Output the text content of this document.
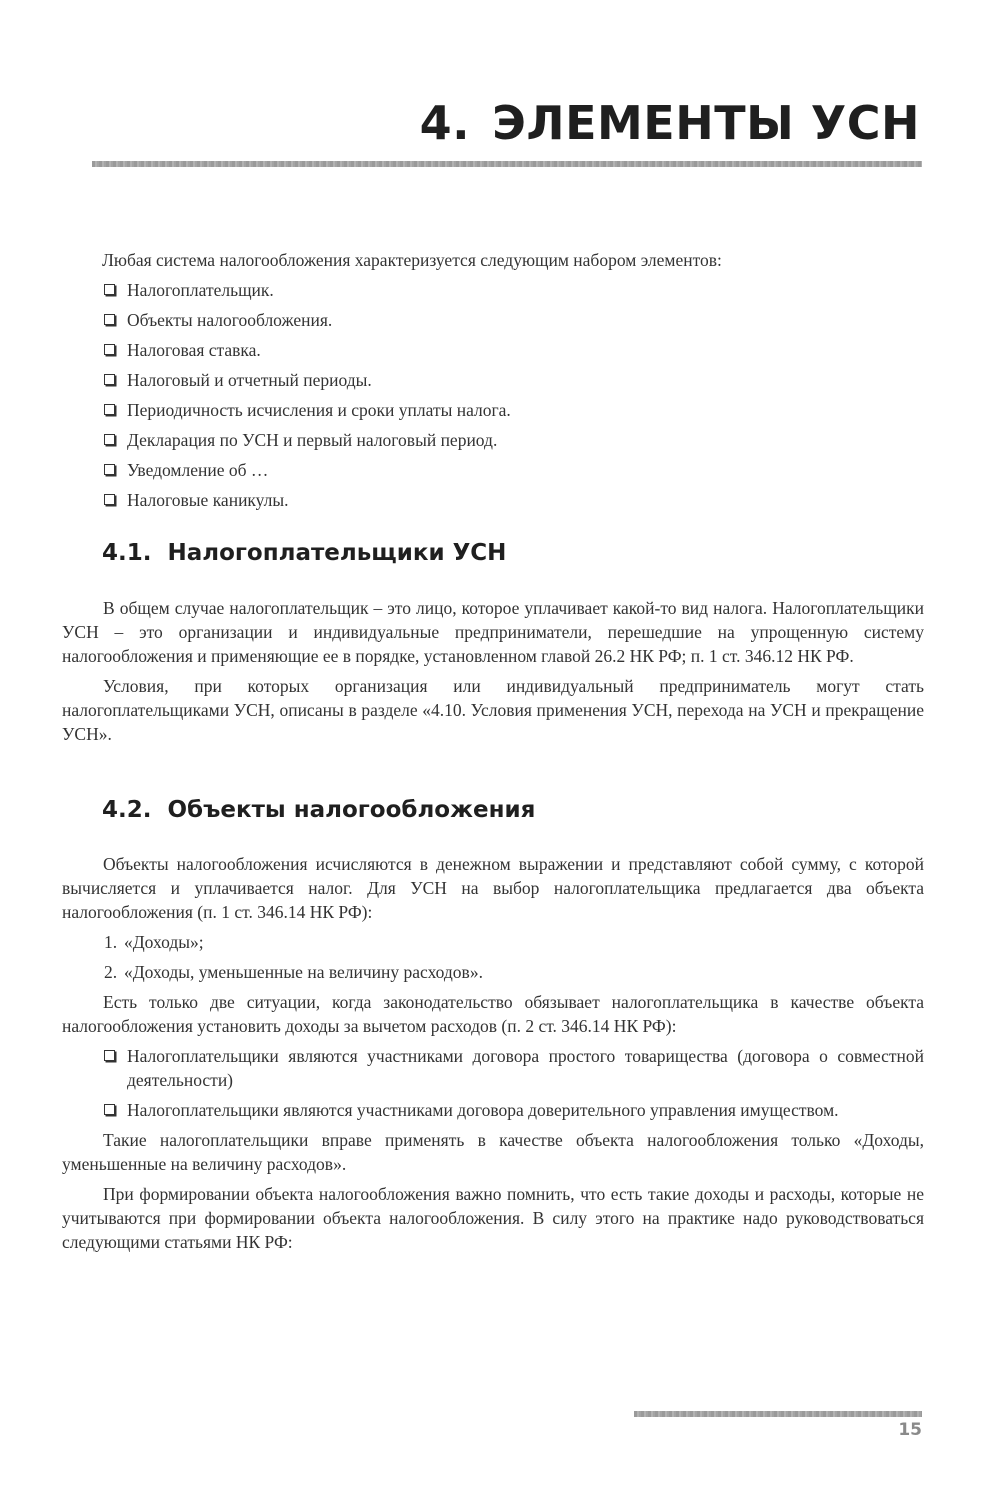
4. ЭЛЕМЕНТЫ УСН

Любая система налогообложения характеризуется следующим набором элементов:

Налогоплательщик.

Объекты налогообложения.

Налоговая ставка.

Налоговый и отчетный периоды.

Периодичность исчисления и сроки уплаты налога.

Декларация по УСН и первый налоговый период.

Уведомление об …

Налоговые каникулы.

4.1. Налогоплательщики УСН

В общем случае налогоплательщик – это лицо, которое уплачивает какой-то вид налога. Налогоплательщики УСН – это организации и индивидуальные предприниматели, перешедшие на упрощенную систему налогообложения и применяющие ее в порядке, установленном главой 26.2 НК РФ; п. 1 ст. 346.12 НК РФ.

Условия, при которых организация или индивидуальный предприниматель могут стать налогоплательщиками УСН, описаны в разделе «4.10. Условия применения УСН, перехода на УСН и прекращение УСН».

4.2. Объекты налогообложения

Объекты налогообложения исчисляются в денежном выражении и представляют собой сумму, с которой вычисляется и уплачивается налог. Для УСН на выбор налогоплательщика предлагается два объекта налогообложения (п. 1 ст. 346.14 НК РФ):

1. «Доходы»;

2. «Доходы, уменьшенные на величину расходов».

Есть только две ситуации, когда законодательство обязывает налогоплательщика в качестве объекта налогообложения установить доходы за вычетом расходов (п. 2 ст. 346.14 НК РФ):

Налогоплательщики являются участниками договора простого товарищества (договора о совместной деятельности)

Налогоплательщики являются участниками договора доверительного управления имуществом.

Такие налогоплательщики вправе применять в качестве объекта налогообложения только «Доходы, уменьшенные на величину расходов».

При формировании объекта налогообложения важно помнить, что есть такие доходы и расходы, которые не учитываются при формировании объекта налогообложения. В силу этого на практике надо руководствоваться следующими статьями НК РФ:

15
